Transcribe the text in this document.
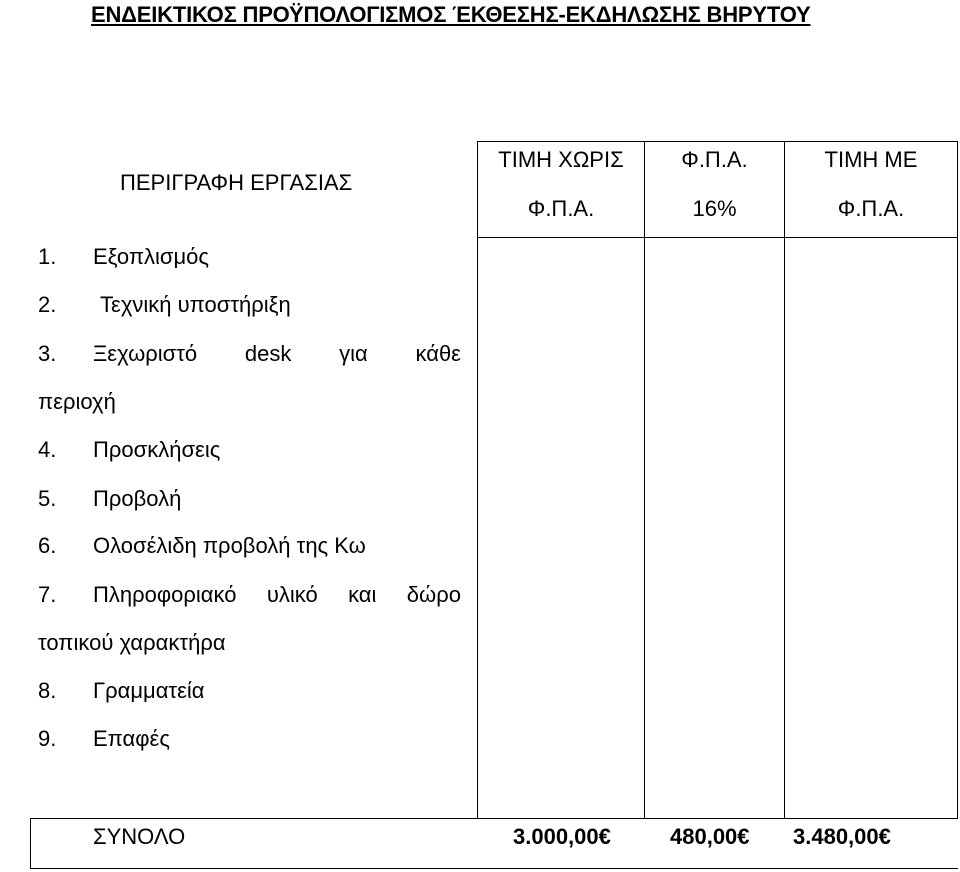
ΕΝΔΕΙΚΤΙΚΟΣ ΠΡΟΫΠΟΛΟΓΙΣΜΟΣ ΈΚΘΕΣΗΣ-ΕΚΔΗΛΩΣΗΣ ΒΗΡΥΤΟΥ
ΠΕΡΙΓΡΑΦΗ ΕΡΓΑΣΙΑΣ
ΤΙΜΗ ΧΩΡΙΣ
Φ.Π.Α.
Φ.Π.Α.
16%
ΤΙΜΗ ΜΕ
Φ.Π.Α.
1. Εξοπλισμός
2. Τεχνική υποστήριξη
3. Ξεχωριστό desk για κάθε
περιοχή
4. Προσκλήσεις
5. Προβολή
6. Ολοσέλιδη προβολή της Κω
7. Πληροφοριακό υλικό και δώρο
τοπικού χαρακτήρα
8. Γραμματεία
9. Επαφές
ΣΥΝΟΛΟ	3.000,00€	480,00€ 3.480,00€
